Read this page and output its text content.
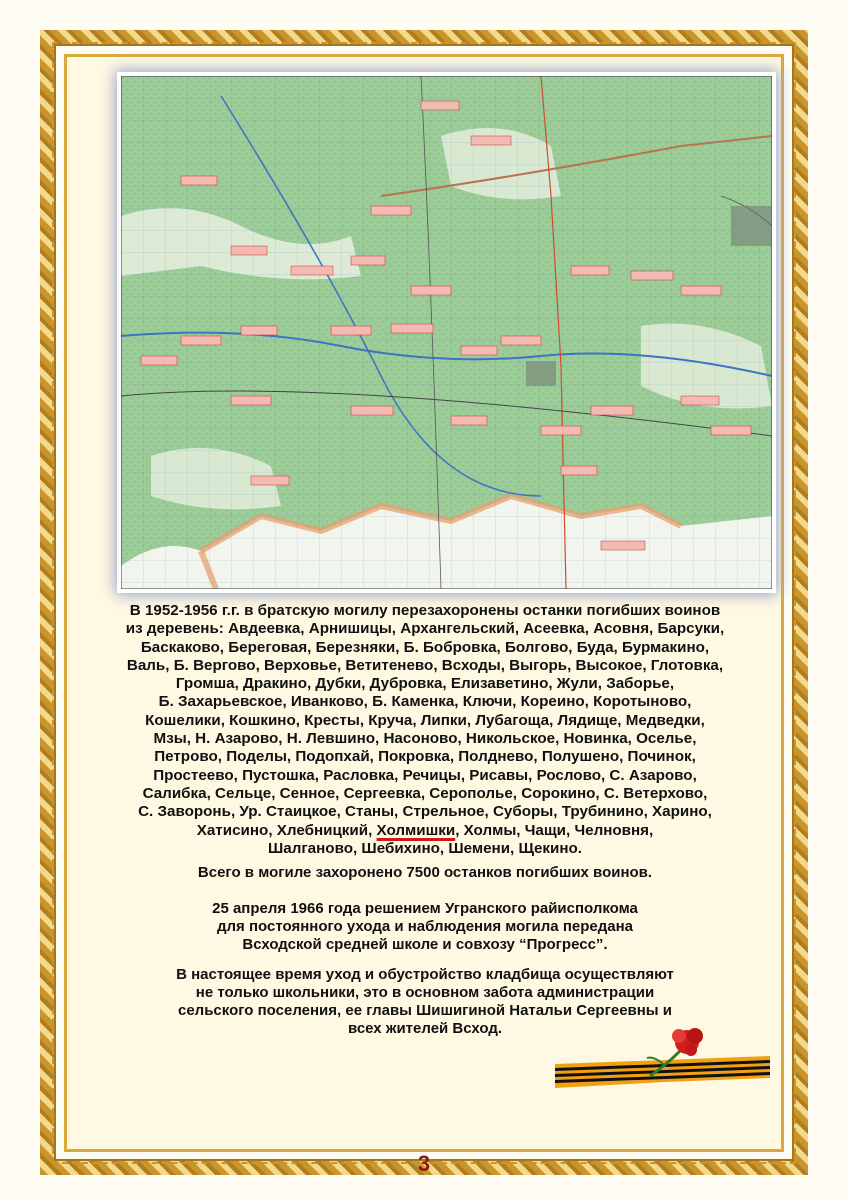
В 1952-1956 г.г. в братскую могилу перезахоронены останки погибших воинов
из деревень: Авдеевка, Арнишицы, Архангельский, Асеевка, Асовня, Барсуки,
Баскаково, Береговая, Березняки, Б. Бобровка, Болгово, Буда, Бурмакино,
Валь, Б. Вергово, Верховье, Ветитенево, Всходы, Выгорь, Высокое, Глотовка,
Громша, Дракино, Дубки, Дубровка, Елизаветино, Жули, Заборье,
Б. Захарьевское, Иванково, Б. Каменка, Ключи, Кореино, Коротыново,
Кошелики, Кошкино, Кресты, Круча, Липки, Лубагоща, Лядище, Медведки,
Мзы, Н. Азарово, Н. Левшино, Насоново, Никольское, Новинка, Оселье,
Петрово, Поделы, Подопхай, Покровка, Полднево, Полушено, Починок,
Простеево, Пустошка, Расловка, Речицы, Рисавы, Рослово, С. Азарово,
Салибка, Сельце, Сенное, Сергеевка, Серополье, Сорокино, С. Ветерхово,
С. Заворонь, Ур. Стаицкое, Станы, Стрельное, Суборы, Трубинино, Харино,
Хатисино, Хлебницкий, Холмишки, Холмы, Чащи, Челновня,
Шалганово, Шебихино, Шемени, Щекино.
Всего в могиле захоронено 7500 останков погибших воинов.
25 апреля 1966 года решением Угранского райисполкома
для постоянного ухода и наблюдения могила передана
Всходской средней школе и совхозу “Прогресс”.
В настоящее время уход и обустройство кладбища осуществляют
не только школьники, это в основном забота администрации
сельского поселения, ее главы Шишигиной Натальи Сергеевны и
всех жителей Всход.
3
